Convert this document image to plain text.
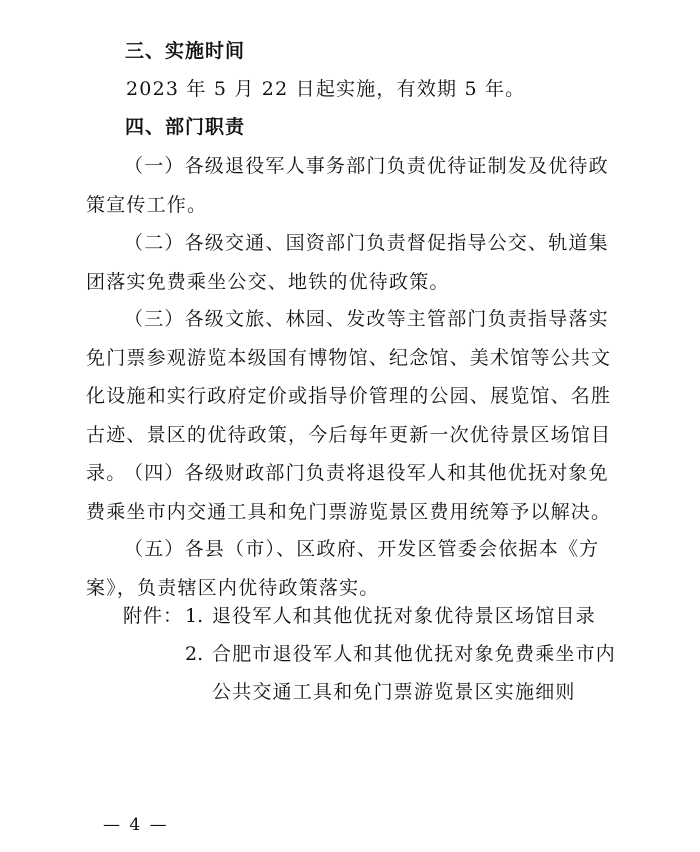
三、实施时间
2023 年 5 月 22 日起实施，有效期 5 年。
四、部门职责

（一）各级退役军人事务部门负责优待证制发及优待政策宣传工作。

（二）各级交通、国资部门负责督促指导公交、轨道集团落实免费乘坐公交、地铁的优待政策。

（三）各级文旅、林园、发改等主管部门负责指导落实免门票参观游览本级国有博物馆、纪念馆、美术馆等公共文化设施和实行政府定价或指导价管理的公园、展览馆、名胜古迹、景区的优待政策，今后每年更新一次优待景区场馆目录。

（四）各级财政部门负责将退役军人和其他优抚对象免费乘坐市内交通工具和免门票游览景区费用统筹予以解决。

（五）各县（市）、区政府、开发区管委会依据本《方案》，负责辖区内优待政策落实。

附件： 1. 退役军人和其他优抚对象优待景区场馆目录
2. 合肥市退役军人和其他优抚对象免费乘坐市内公共交通工具和免门票游览景区实施细则
— 4 —
